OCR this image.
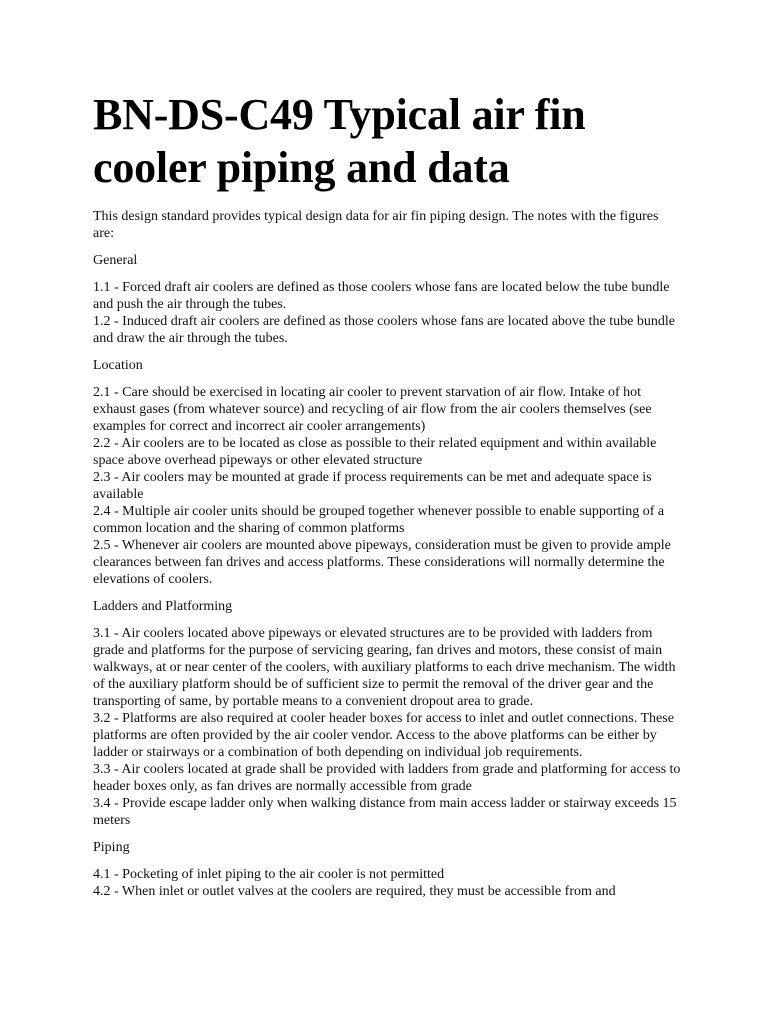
BN-DS-C49 Typical air fin cooler piping and data

This design standard provides typical design data for air fin piping design. The notes with the figures are:

General
1.1 - Forced draft air coolers are defined as those coolers whose fans are located below the tube bundle and push the air through the tubes.
1.2 - Induced draft air coolers are defined as those coolers whose fans are located above the tube bundle and draw the air through the tubes.
Location
2.1 - Care should be exercised in locating air cooler to prevent starvation of air flow. Intake of hot exhaust gases (from whatever source) and recycling of air flow from the air coolers themselves (see examples for correct and incorrect air cooler arrangements)
2.2 - Air coolers are to be located as close as possible to their related equipment and within available space above overhead pipeways or other elevated structure
2.3 - Air coolers may be mounted at grade if process requirements can be met and adequate space is available
2.4 - Multiple air cooler units should be grouped together whenever possible to enable supporting of a common location and the sharing of common platforms
2.5 - Whenever air coolers are mounted above pipeways, consideration must be given to provide ample clearances between fan drives and access platforms. These considerations will normally determine the elevations of coolers.
Ladders and Platforming
3.1 - Air coolers located above pipeways or elevated structures are to be provided with ladders from grade and platforms for the purpose of servicing gearing, fan drives and motors, these consist of main walkways, at or near center of the coolers, with auxiliary platforms to each drive mechanism. The width of the auxiliary platform should be of sufficient size to permit the removal of the driver gear and the transporting of same, by portable means to a convenient dropout area to grade.
3.2 - Platforms are also required at cooler header boxes for access to inlet and outlet connections. These platforms are often provided by the air cooler vendor. Access to the above platforms can be either by ladder or stairways or a combination of both depending on individual job requirements.
3.3 - Air coolers located at grade shall be provided with ladders from grade and platforming for access to header boxes only, as fan drives are normally accessible from grade
3.4 - Provide escape ladder only when walking distance from main access ladder or stairway exceeds 15 meters
Piping
4.1 - Pocketing of inlet piping to the air cooler is not permitted
4.2 - When inlet or outlet valves at the coolers are required, they must be accessible from and
